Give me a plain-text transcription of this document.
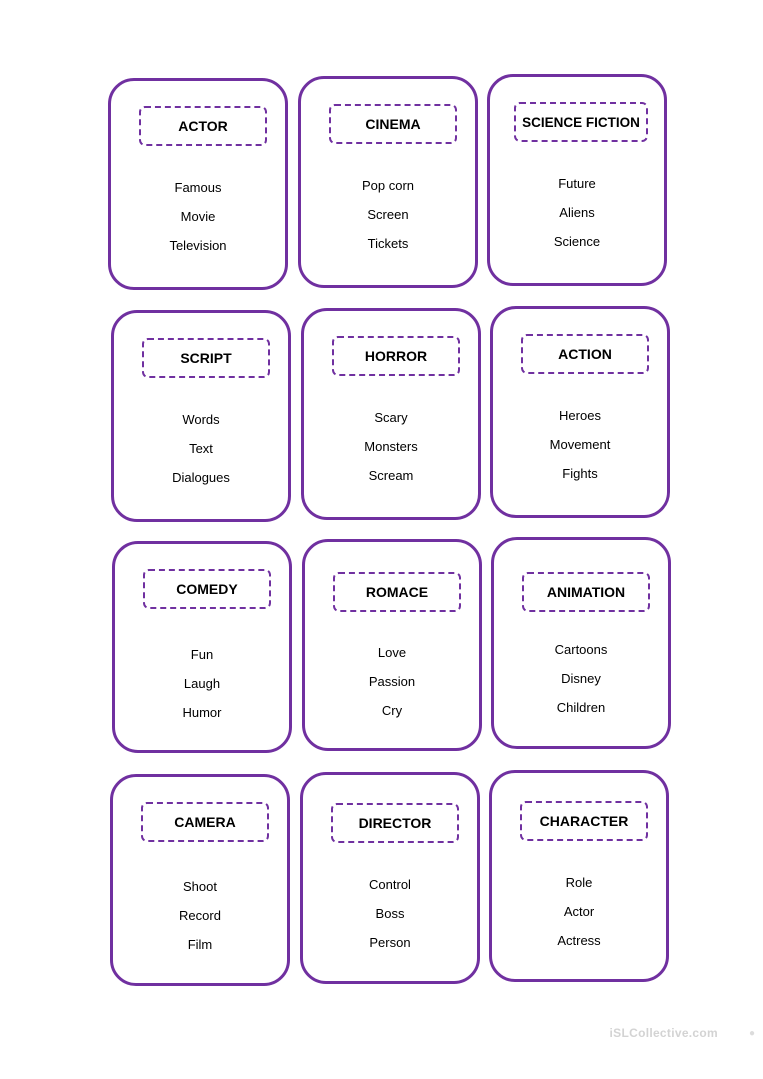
ACTOR
Famous
Movie
Television
CINEMA
Pop corn
Screen
Tickets
SCIENCE FICTION
Future
Aliens
Science
SCRIPT
Words
Text
Dialogues
HORROR
Scary
Monsters
Scream
ACTION
Heroes
Movement
Fights
COMEDY
Fun
Laugh
Humor
ROMACE
Love
Passion
Cry
ANIMATION
Cartoons
Disney
Children
CAMERA
Shoot
Record
Film
DIRECTOR
Control
Boss
Person
CHARACTER
Role
Actor
Actress
iSLCollective.com	●
